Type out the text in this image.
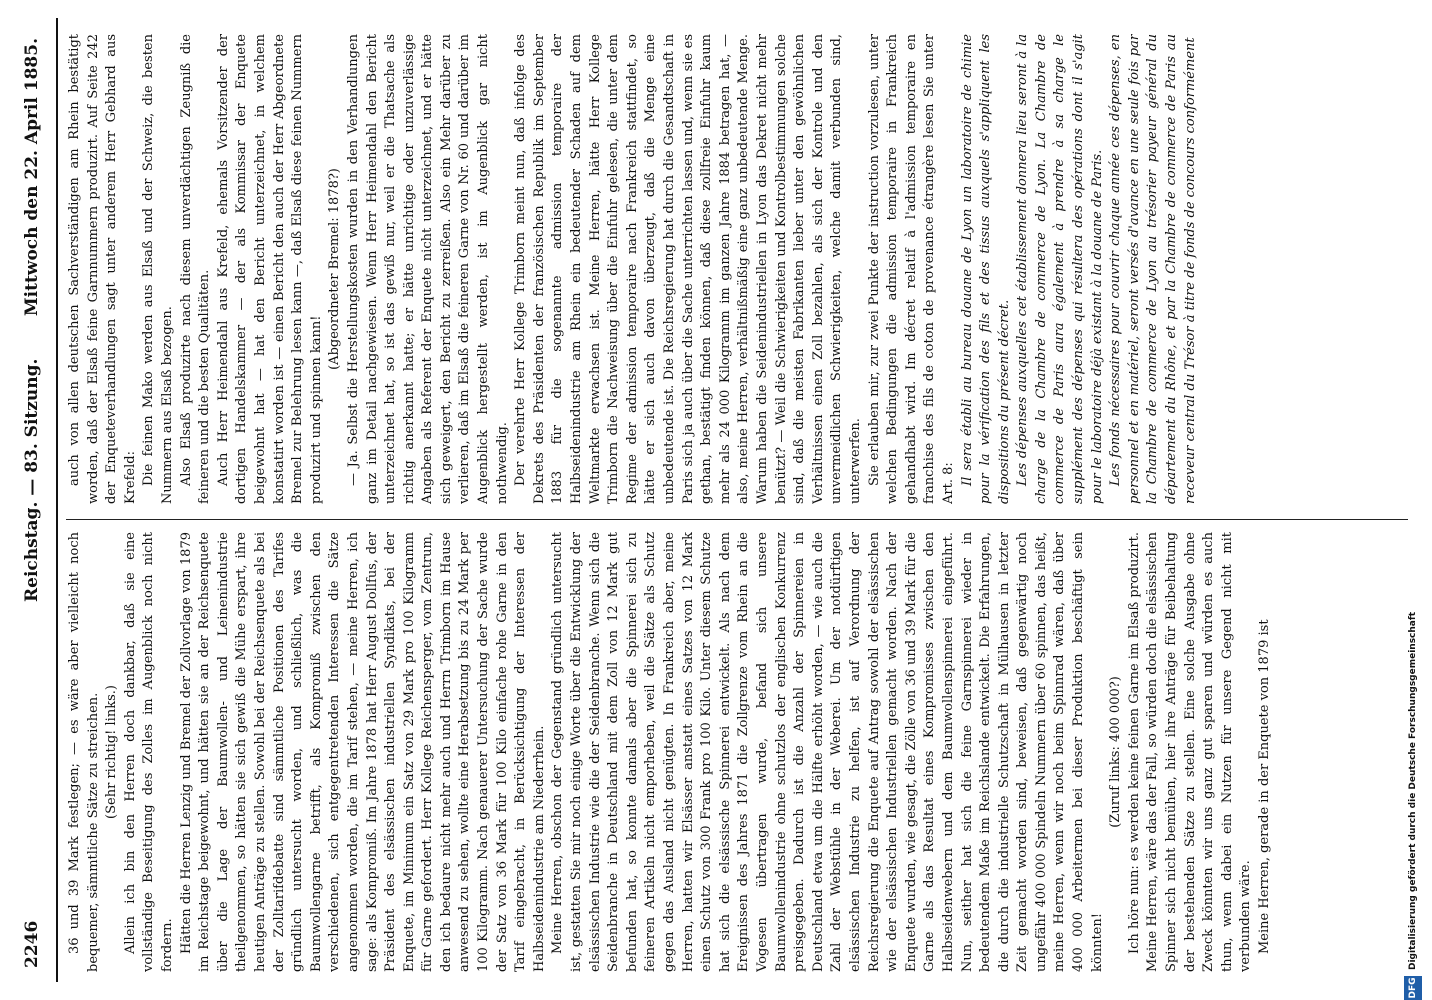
2246
Reichstag. — 83. Sitzung.
Mittwoch den 22. April 1885.

36 und 39 Mark festlegen; — es wäre aber vielleicht noch bequemer, sämmtliche Sätze zu streichen. (Sehr richtig! links.) Allein ich bin den Herren doch dankbar, daß sie eine vollständige Beseitigung des Zolles im Augenblick noch nicht fordern. Hätten die Herren Lenzig und Bremel der Zollvorlage von 1879 im Reichstage beigewohnt, und hätten sie an der Reichsenquete über die Lage der Baumwollen- und Leinenindustrie theilgenommen, so hätten sie sich gewiß die Mühe erspart, ihre heutigen Anträge zu stellen. Sowohl bei der Reichsenquete als bei der Zolltarifdebatte sind sämmtliche Positionen des Tarifes gründlich untersucht worden, und schließlich, was die Baumwollengarne betrifft, als Kompromiß zwischen den verschiedenen, sich entgegentretenden Interessen die Sätze angenommen worden, die im Tarif stehen, — meine Herren, ich sage: als Kompromiß. Im Jahre 1878 hat Herr August Dollfus, der Präsident des elsässischen industriellen Syndikats, bei der Enquete, im Minimum ein Satz von 29 Mark pro 100 Kilogramm für Garne gefordert. Herr Kollege Reichensperger, vom Zentrum, den ich bedaure nicht mehr auch und Herrn Trimborn im Hause anwesend zu sehen, wollte eine Herabsetzung bis zu 24 Mark per 100 Kilogramm. Nach genauerer Untersuchung der Sache wurde der Satz von 36 Mark für 100 Kilo einfache rohe Garne in den Tarif eingebracht, in Berücksichtigung der Interessen der Halbseidenindustrie am Niederrhein. Meine Herren, obschon der Gegenstand gründlich untersucht ist, gestatten Sie mir noch einige Worte über die Entwicklung der elsässischen Industrie wie die der Seidenbranche. Wenn sich die Seidenbranche in Deutschland mit dem Zoll von 12 Mark gut befunden hat, so konnte damals aber die Spinnerei sich zu feineren Artikeln nicht emporheben, weil die Sätze als Schutz gegen das Ausland nicht genügten. In Frankreich aber, meine Herren, hatten wir Elsässer anstatt eines Satzes von 12 Mark einen Schutz von 300 Frank pro 100 Kilo. Unter diesem Schutze hat sich die elsässische Spinnerei entwickelt. Als nach dem Ereignissen des Jahres 1871 die Zollgrenze vom Rhein an die Vogesen übertragen wurde, befand sich unsere Baumwollenindustrie ohne schutzlos der englischen Konkurrenz preisgegeben. Dadurch ist die Anzahl der Spinnereien in Deutschland etwa um die Hälfte erhöht worden, — wie auch die Zahl der Webstühle in der Weberei. Um der notdürftigen elsässischen Industrie zu helfen, ist auf Verordnung der Reichsregierung die Enquete auf Antrag sowohl der elsässischen wie der elsässischen Industriellen gemacht worden. Nach der Enquete wurden, wie gesagt, die Zölle von 36 und 39 Mark für die Garne als das Resultat eines Kompromisses zwischen den Halbseidenwebern und dem Baumwollenspinnerei eingeführt. Nun, seither hat sich die feine Garnspinnerei wieder in bedeutendem Maße im Reichslande entwickelt. Die Erfahrungen, die durch die industrielle Schutzschaft in Mülhausen in letzter Zeit gemacht worden sind, beweisen, daß gegenwärtig noch ungefähr 400 000 Spindeln Nummern über 60 spinnen, das heißt, meine Herren, wenn wir noch beim Spinnrad wären, daß über 400 000 Arbeitermen bei dieser Produktion beschäftigt sein könnten!

(Zuruf links: 400 000?) Ich höre nun: es werden keine feinen Garne im Elsaß produzirt. Meine Herren, wäre das der Fall, so würden doch die elsässischen Spinner sich nicht bemühen, hier ihre Anträge für Beibehaltung der bestehenden Sätze zu stellen. Eine solche Ausgabe ohne Zweck könnten wir uns ganz gut sparen und würden es auch thun, wenn dabei ein Nutzen für unsere Gegend nicht mit verbunden wäre. Meine Herren, gerade in der Enquete von 1879 ist

auch von allen deutschen Sachverständigen am Rhein bestätigt worden, daß der Elsaß feine Garnnummern produzirt. Auf Seite 242 der Enqueteverhandlungen sagt unter anderem Herr Gebhard aus Krefeld: Die feinen Mako werden aus Elsaß und der Schweiz, die besten Nummern aus Elsaß bezogen. Also Elsaß produzirte nach diesem unverdächtigen Zeugniß die feineren und die besten Qualitäten. Auch Herr Heimendahl aus Krefeld, ehemals Vorsitzender der dortigen Handelskammer — der als Kommissar der Enquete beigewohnt hat — hat den Bericht unterzeichnet, in welchem konstatirt worden ist — einen Bericht den auch der Herr Abgeordnete Bremel zur Belehrung lesen kann —, daß Elsaß diese feinen Nummern produzirt und spinnen kann!

(Abgeordneter Bremel: 1878?) — Ja. Selbst die Herstellungskosten wurden in den Verhandlungen ganz im Detail nachgewiesen. Wenn Herr Heimendahl den Bericht unterzeichnet hat, so ist das gewiß nur, weil er die Thatsache als richtig anerkannt hatte; er hätte unrichtige oder unzuverlässige Angaben als Referent der Enquete nicht unterzeichnet, und er hätte sich geweigert, den Bericht zu zerreißen. Also ein Mehr darüber zu verlieren, daß im Elsaß die feineren Garne von Nr. 60 und darüber im Augenblick hergestellt werden, ist im Augenblick gar nicht nothwendig. Der verehrte Herr Kollege Trimborn meint nun, daß infolge des Dekrets des Präsidenten der französischen Republik im September 1883 für die sogenannte admission temporaire der Halbseidenindustrie am Rhein ein bedeutender Schaden auf dem Weltmarkte erwachsen ist. Meine Herren, hätte Herr Kollege Trimborn die Nachweisung über die Einfuhr gelesen, die unter dem Regime der admission temporaire nach Frankreich stattfindet, so hätte er sich auch davon überzeugt, daß die Menge eine unbedeutende ist. Die Reichsregierung hat durch die Gesandtschaft in Paris sich ja auch über die Sache unterrichten lassen und, wenn sie es gethan, bestätigt finden können, daß diese zollfreie Einfuhr kaum mehr als 24 000 Kilogramm im ganzen Jahre 1884 betragen hat, — also, meine Herren, verhältnißmäßig eine ganz unbedeutende Menge. Warum haben die Seidenindustriellen in Lyon das Dekret nicht mehr benützt? — Weil die Schwierigkeiten und Kontrolbestimmungen solche sind, daß die meisten Fabrikanten lieber unter den gewöhnlichen Verhältnissen einen Zoll bezahlen, als sich der Kontrole und den unvermeidlichen Schwierigkeiten, welche damit verbunden sind, unterwerfen. Sie erlauben mir, zur zwei Punkte der instruction vorzulesen, unter welchen Bedingungen die admission temporaire in Frankreich gehandhabt wird. Im décret relatif à l'admission temporaire en franchise des fils de coton de provenance étrangère lesen Sie unter Art. 8: Il sera établi au bureau douane de Lyon un laboratoire de chimie pour la vérification des fils et des tissus auxquels s'appliquent les dispositions du présent décret. Les dépenses auxquelles cet établissement donnera lieu seront à la charge de la Chambre de commerce de Lyon. La Chambre de commerce de Paris aura également à prendre à sa charge le supplément des dépenses qui résultera des opérations dont il s'agit pour le laboratoire déjà existant à la douane de Paris. Les fonds nécessaires pour couvrir chaque année ces dépenses, en personnel et en matériel, seront versés d'avance en une seule fois par la Chambre de commerce de Lyon au trésorier payeur général du département du Rhône, et par la Chambre de commerce de Paris au receveur central du Trésor à titre de fonds de concours conformément

DFG
Digitalisierung gefördert durch die Deutsche Forschungsgemeinschaft
